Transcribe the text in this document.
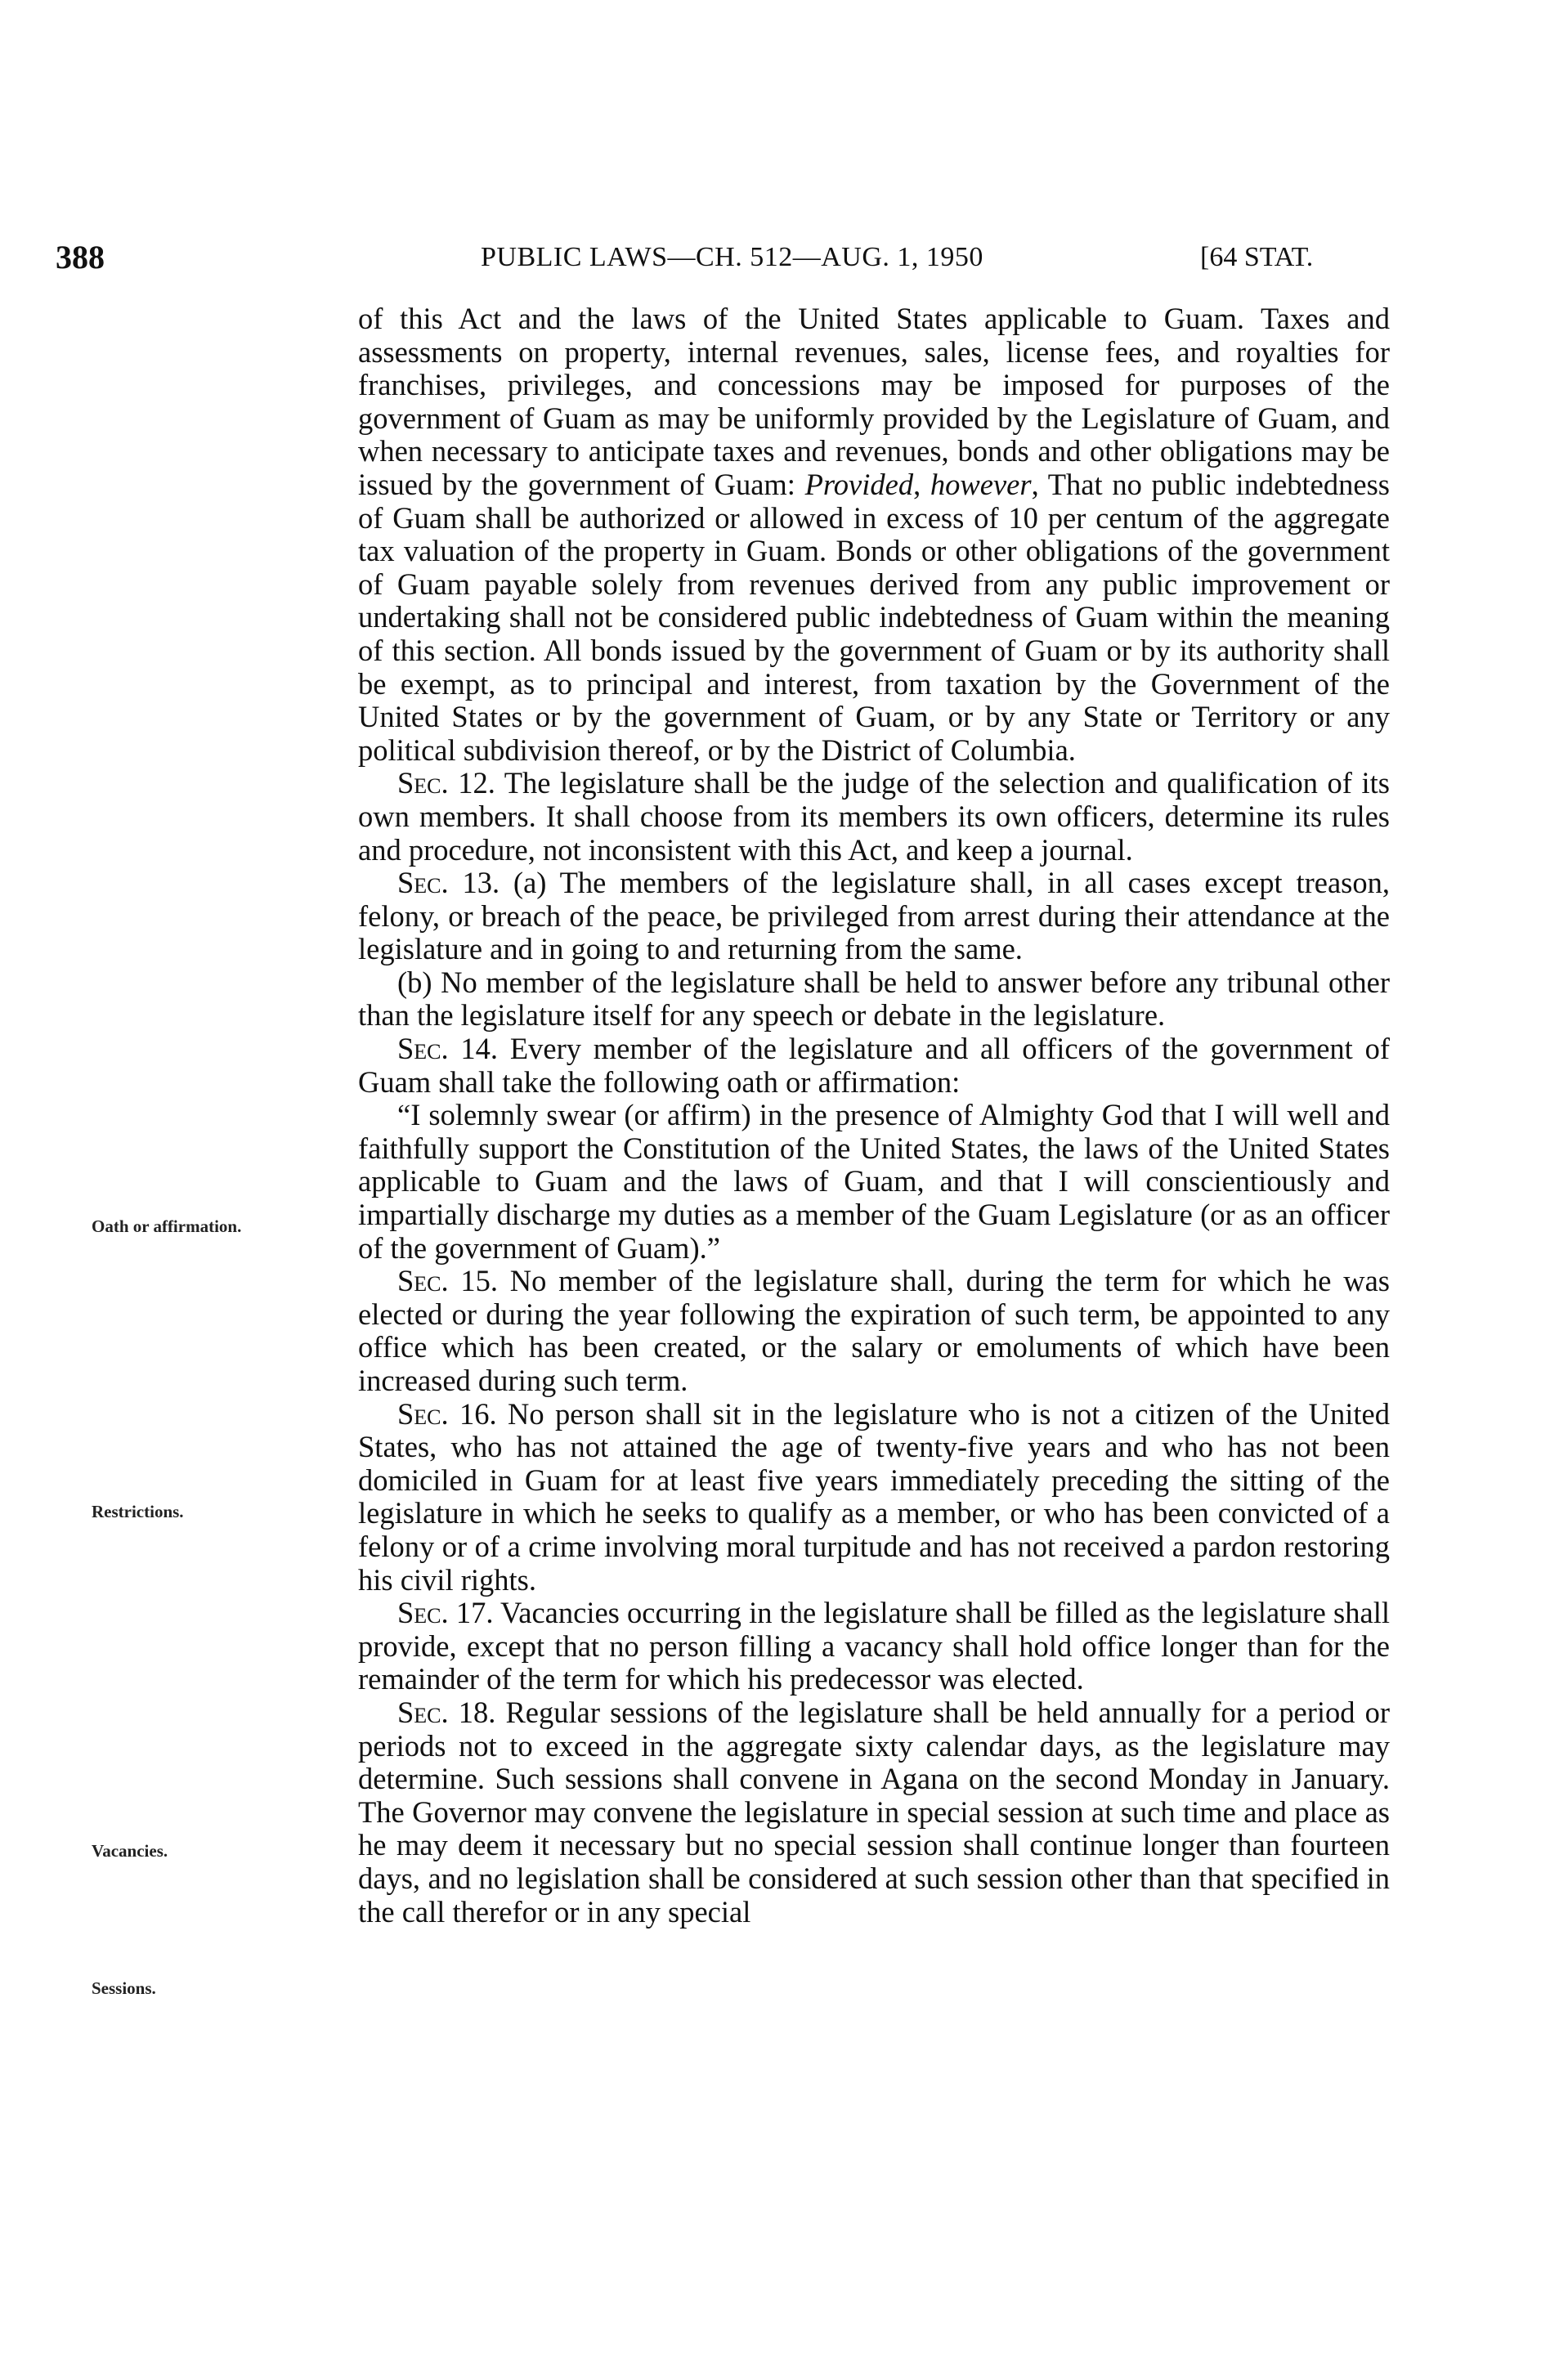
388	PUBLIC LAWS—CH. 512—AUG. 1, 1950	[64 STAT.
Oath or affirmation.
Restrictions.
Vacancies.
Sessions.

of this Act and the laws of the United States applicable to Guam. Taxes and assessments on property, internal revenues, sales, license fees, and royalties for franchises, privileges, and concessions may be imposed for purposes of the government of Guam as may be uniformly provided by the Legislature of Guam, and when necessary to anticipate taxes and revenues, bonds and other obligations may be issued by the government of Guam: Provided, however, That no public indebtedness of Guam shall be authorized or allowed in excess of 10 per centum of the aggregate tax valuation of the property in Guam. Bonds or other obligations of the government of Guam payable solely from revenues derived from any public improvement or undertaking shall not be considered public indebtedness of Guam within the meaning of this section. All bonds issued by the government of Guam or by its authority shall be exempt, as to principal and interest, from taxation by the Government of the United States or by the government of Guam, or by any State or Territory or any political subdivision thereof, or by the District of Columbia.

Sec. 12. The legislature shall be the judge of the selection and qualification of its own members. It shall choose from its members its own officers, determine its rules and procedure, not inconsistent with this Act, and keep a journal.

Sec. 13. (a) The members of the legislature shall, in all cases except treason, felony, or breach of the peace, be privileged from arrest during their attendance at the legislature and in going to and returning from the same.

(b) No member of the legislature shall be held to answer before any tribunal other than the legislature itself for any speech or debate in the legislature.

Sec. 14. Every member of the legislature and all officers of the government of Guam shall take the following oath or affirmation:

“I solemnly swear (or affirm) in the presence of Almighty God that I will well and faithfully support the Constitution of the United States, the laws of the United States applicable to Guam and the laws of Guam, and that I will conscientiously and impartially discharge my duties as a member of the Guam Legislature (or as an officer of the government of Guam).”

Sec. 15. No member of the legislature shall, during the term for which he was elected or during the year following the expiration of such term, be appointed to any office which has been created, or the salary or emoluments of which have been increased during such term.

Sec. 16. No person shall sit in the legislature who is not a citizen of the United States, who has not attained the age of twenty-five years and who has not been domiciled in Guam for at least five years immediately preceding the sitting of the legislature in which he seeks to qualify as a member, or who has been convicted of a felony or of a crime involving moral turpitude and has not received a pardon restoring his civil rights.

Sec. 17. Vacancies occurring in the legislature shall be filled as the legislature shall provide, except that no person filling a vacancy shall hold office longer than for the remainder of the term for which his predecessor was elected.

Sec. 18. Regular sessions of the legislature shall be held annually for a period or periods not to exceed in the aggregate sixty calendar days, as the legislature may determine. Such sessions shall convene in Agana on the second Monday in January. The Governor may convene the legislature in special session at such time and place as he may deem it necessary but no special session shall continue longer than fourteen days, and no legislation shall be considered at such session other than that specified in the call therefor or in any special
